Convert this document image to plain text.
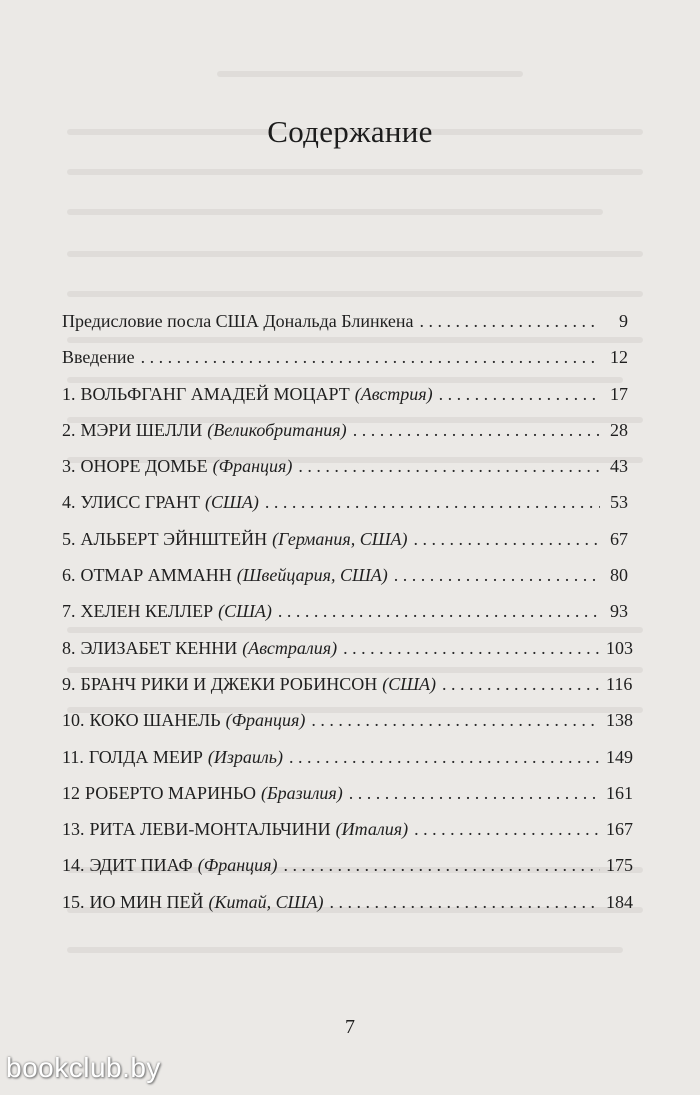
Содержание
Предисловие посла США Дональда Блинкена . . .	9
Введение . . .	12
1. ВОЛЬФГАНГ АМАДЕЙ МОЦАРТ (Австрия) . . .	17
2. МЭРИ ШЕЛЛИ (Великобритания) . . .	28
3. ОНОРЕ ДОМЬЕ (Франция) . . .	43
4. УЛИСС ГРАНТ (США) . . .	53
5. АЛЬБЕРТ ЭЙНШТЕЙН (Германия, США) . . .	67
6. ОТМАР АММАНН (Швейцария, США) . . .	80
7. ХЕЛЕН КЕЛЛЕР (США) . . .	93
8. ЭЛИЗАБЕТ КЕННИ (Австралия) . . .	103
9. БРАНЧ РИКИ И ДЖЕКИ РОБИНСОН (США) . . .	116
10. КОКО ШАНЕЛЬ (Франция) . . .	138
11. ГОЛДА МЕИР (Израиль) . . .	149
12 РОБЕРТО МАРИНЬО (Бразилия) . . .	161
13. РИТА ЛЕВИ-МОНТАЛЬЧИНИ (Италия) . . .	167
14. ЭДИТ ПИАФ (Франция) . . .	175
15. ИО МИН ПЕЙ (Китай, США) . . .	184
7
bookclub.by
